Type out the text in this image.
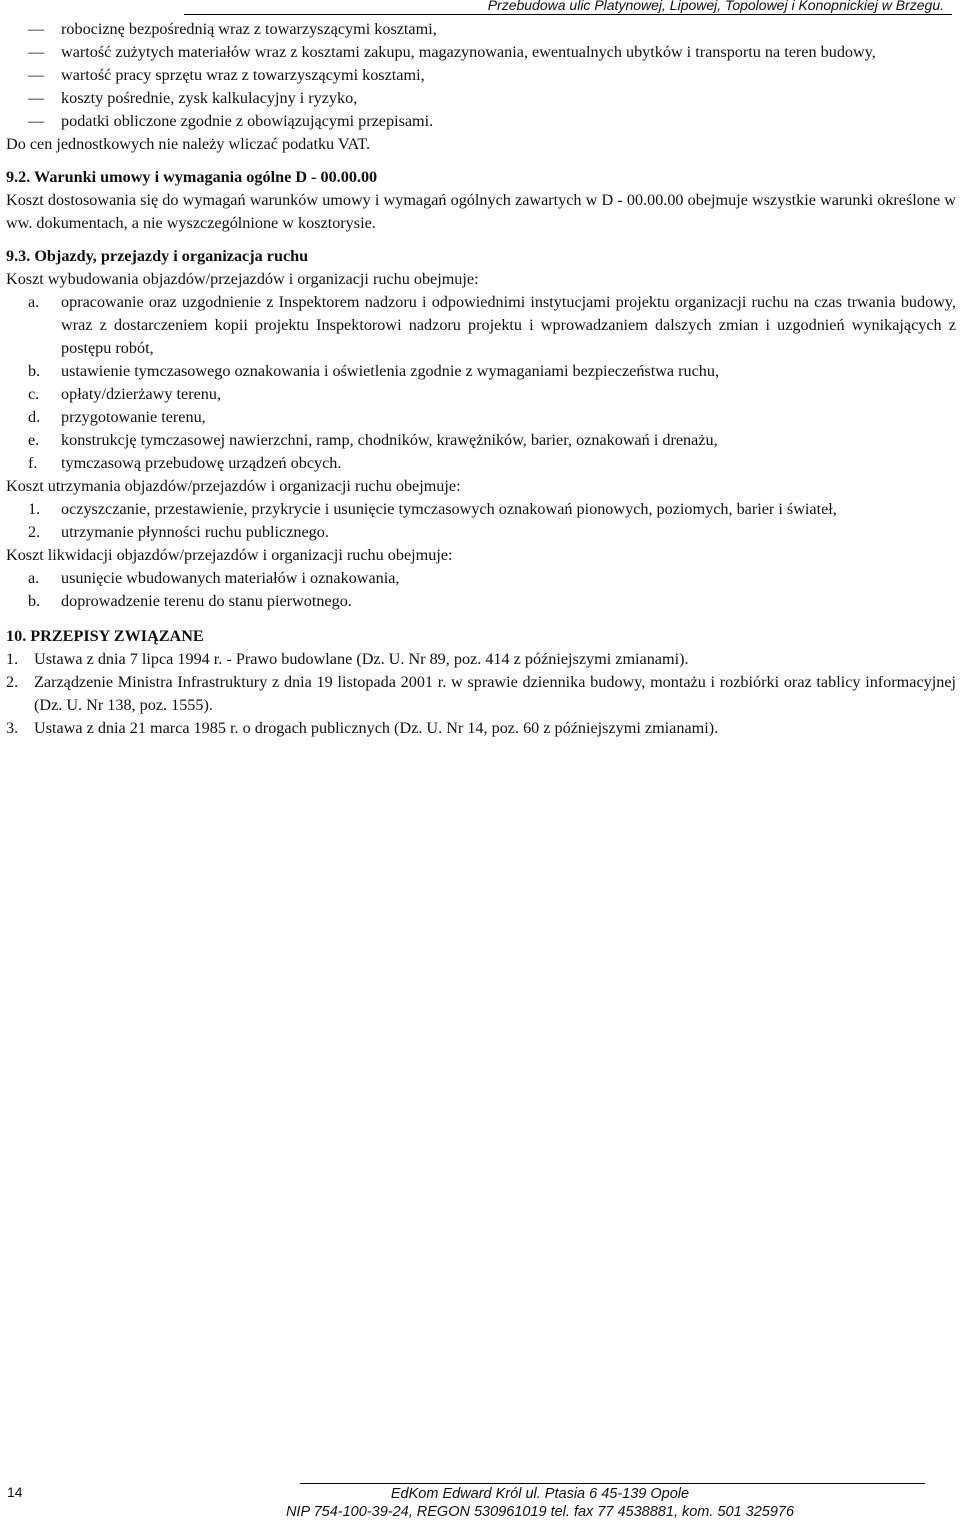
Przebudowa ulic Platynowej, Lipowej, Topolowej i Konopnickiej w Brzegu.
— robociznę bezpośrednią wraz z towarzyszącymi kosztami,
— wartość zużytych materiałów wraz z kosztami zakupu, magazynowania, ewentualnych ubytków i transportu na teren budowy,
— wartość pracy sprzętu wraz z towarzyszącymi kosztami,
— koszty pośrednie, zysk kalkulacyjny i ryzyko,
— podatki obliczone zgodnie z obowiązującymi przepisami.

Do cen jednostkowych nie należy wliczać podatku VAT.

9.2. Warunki umowy i wymagania ogólne D - 00.00.00

Koszt dostosowania się do wymagań warunków umowy i wymagań ogólnych zawartych w D - 00.00.00 obejmuje wszystkie warunki określone w ww. dokumentach, a nie wyszczególnione w kosztorysie.

9.3. Objazdy, przejazdy i organizacja ruchu

Koszt wybudowania objazdów/przejazdów i organizacji ruchu obejmuje:

a. opracowanie oraz uzgodnienie z Inspektorem nadzoru i odpowiednimi instytucjami projektu organizacji ruchu na czas trwania budowy, wraz z dostarczeniem kopii projektu Inspektorowi nadzoru projektu i wprowadzaniem dalszych zmian i uzgodnień wynikających z postępu robót,
b. ustawienie tymczasowego oznakowania i oświetlenia zgodnie z wymaganiami bezpieczeństwa ruchu,
c. opłaty/dzierżawy terenu,
d. przygotowanie terenu,
e. konstrukcję tymczasowej nawierzchni, ramp, chodników, krawężników, barier, oznakowań i drenażu,
f. tymczasową przebudowę urządzeń obcych.

Koszt utrzymania objazdów/przejazdów i organizacji ruchu obejmuje:

1. oczyszczanie, przestawienie, przykrycie i usunięcie tymczasowych oznakowań pionowych, poziomych, barier i świateł,
2. utrzymanie płynności ruchu publicznego.

Koszt likwidacji objazdów/przejazdów i organizacji ruchu obejmuje:

a. usunięcie wbudowanych materiałów i oznakowania,
b. doprowadzenie terenu do stanu pierwotnego.

10. PRZEPISY ZWIĄZANE

1. Ustawa z dnia 7 lipca 1994 r. - Prawo budowlane (Dz. U. Nr 89, poz. 414 z późniejszymi zmianami).
2. Zarządzenie Ministra Infrastruktury z dnia 19 listopada 2001 r. w sprawie dziennika budowy, montażu i rozbiórki oraz tablicy informacyjnej (Dz. U. Nr 138, poz. 1555).
3. Ustawa z dnia 21 marca 1985 r. o drogach publicznych (Dz. U. Nr 14, poz. 60 z późniejszymi zmianami).
14	EdKom Edward Król ul. Ptasia 6 45-139 Opole
NIP 754-100-39-24, REGON 530961019 tel. fax 77 4538881, kom. 501 325976
